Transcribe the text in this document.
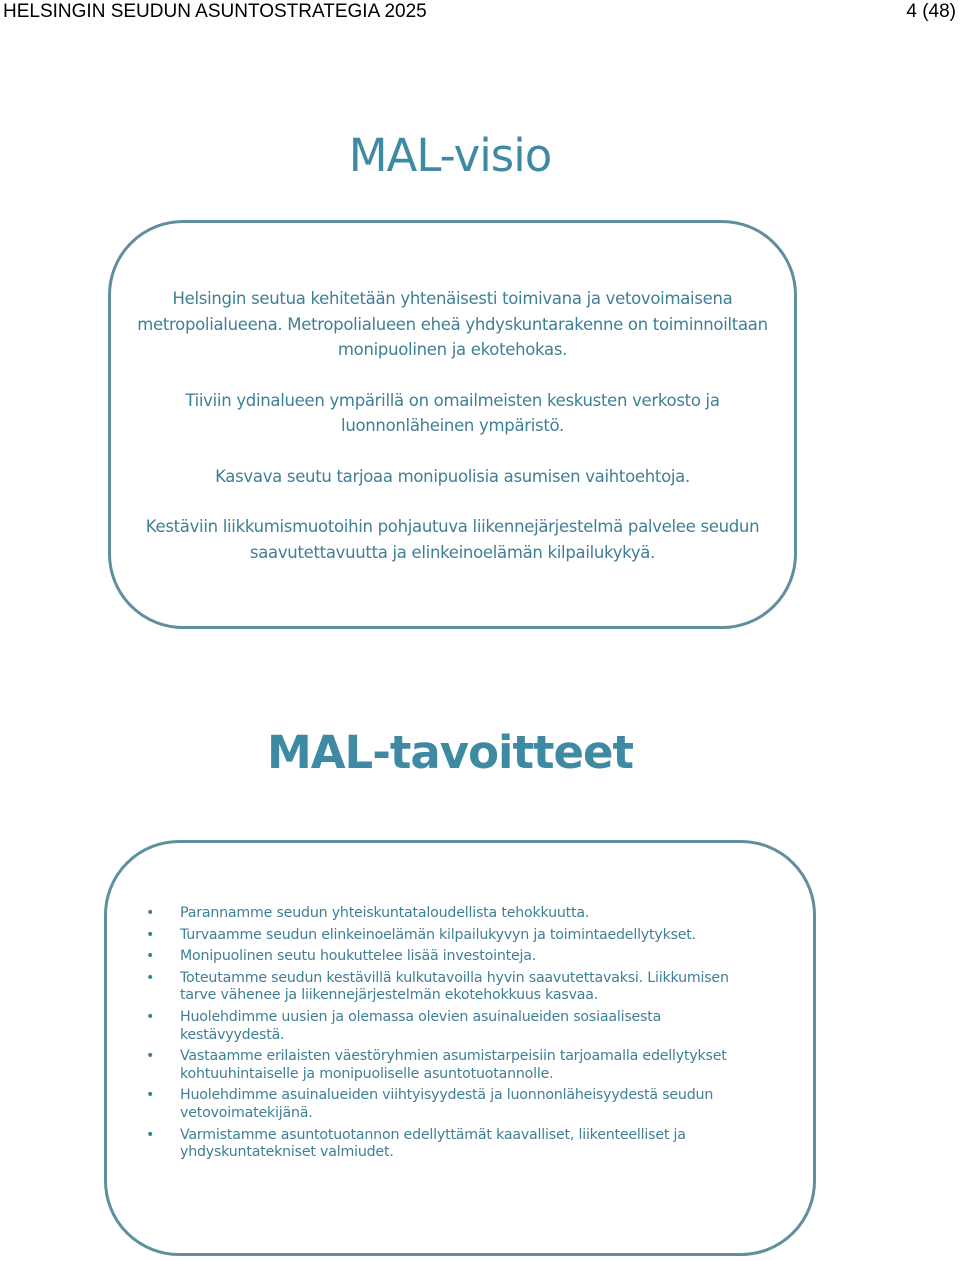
HELSINGIN SEUDUN ASUNTOSTRATEGIA 2025	4 (48)
MAL-visio

Helsingin seutua kehitetään yhtenäisesti toimivana ja vetovoimaisena metropolialueena. Metropolialueen eheä yhdyskuntarakenne on toiminnoiltaan monipuolinen ja ekotehokas.

Tiiviin ydinalueen ympärillä on omailmeisten keskusten verkosto ja luonnonläheinen ympäristö.

Kasvava seutu tarjoaa monipuolisia asumisen vaihtoehtoja.

Kestäviin liikkumismuotoihin pohjautuva liikennejärjestelmä palvelee seudun saavutettavuutta ja elinkeinoelämän kilpailukykyä.

MAL-tavoitteet
• Parannamme seudun yhteiskuntataloudellista tehokkuutta.
• Turvaamme seudun elinkeinoelämän kilpailukyvyn ja toimintaedellytykset.
• Monipuolinen seutu houkuttelee lisää investointeja.
• Toteutamme seudun kestävillä kulkutavoilla hyvin saavutettavaksi. Liikkumisen tarve vähenee ja liikennejärjestelmän ekotehokkuus kasvaa.
• Huolehdimme uusien ja olemassa olevien asuinalueiden sosiaalisesta kestävyydestä.
• Vastaamme erilaisten väestöryhmien asumistarpeisiin tarjoamalla edellytykset kohtuuhintaiselle ja monipuoliselle asuntotuotannolle.
• Huolehdimme asuinalueiden viihtyisyydestä ja luonnonläheisyydestä seudun vetovoimatekijänä.
• Varmistamme asuntotuotannon edellyttämät kaavalliset, liikenteelliset ja yhdyskuntatekniset valmiudet.
